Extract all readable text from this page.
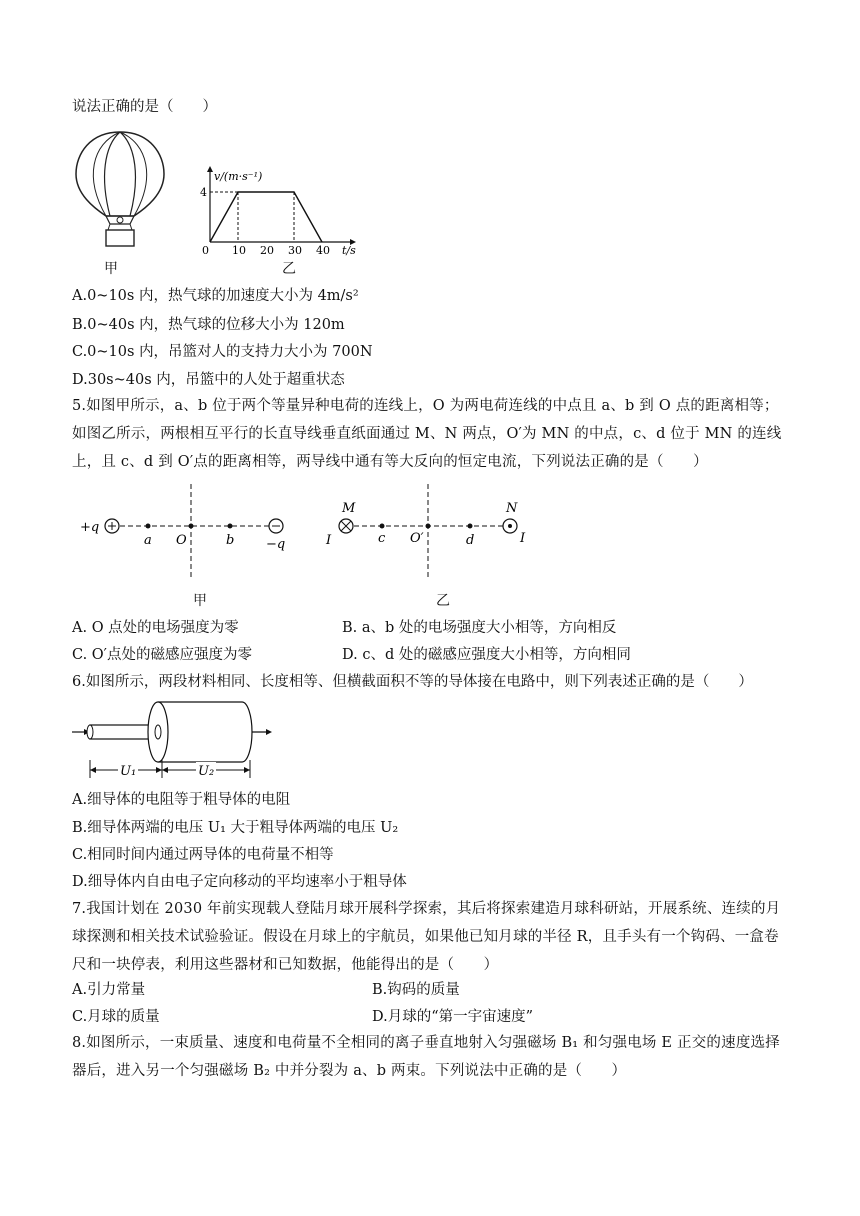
说法正确的是（　　）
甲
v/(m·s⁻¹)
4
0 10 20 30 40 t/s
乙
A.0~10s 内，热气球的加速度大小为 4m/s²
B.0~40s 内，热气球的位移大小为 120m
C.0~10s 内，吊篮对人的支持力大小为 700N
D.30s~40s 内，吊篮中的人处于超重状态
5.如图甲所示，a、b 位于两个等量异种电荷的连线上，O 为两电荷连线的中点且 a、b 到 O 点的距离相等；如图乙所示，两根相互平行的长直导线垂直纸面通过 M、N 两点，O′为 MN 的中点，c、d 位于 MN 的连线上，且 c、d 到 O′点的距离相等，两导线中通有等大反向的恒定电流，下列说法正确的是（　　）
+q
a O	b −q
甲
M	N
I	I
c O′	d
乙
A. O 点处的电场强度为零	B. a、b 处的电场强度大小相等，方向相反
C. O′点处的磁感应强度为零	D. c、d 处的磁感应强度大小相等，方向相同
6.如图所示，两段材料相同、长度相等、但横截面积不等的导体接在电路中，则下列表述正确的是（　　）
U₁	U₂
A.细导体的电阻等于粗导体的电阻
B.细导体两端的电压 U₁ 大于粗导体两端的电压 U₂
C.相同时间内通过两导体的电荷量不相等
D.细导体内自由电子定向移动的平均速率小于粗导体
7.我国计划在 2030 年前实现载人登陆月球开展科学探索，其后将探索建造月球科研站，开展系统、连续的月球探测和相关技术试验验证。假设在月球上的宇航员，如果他已知月球的半径 R，且手头有一个钩码、一盒卷尺和一块停表，利用这些器材和已知数据，他能得出的是（　　）
A.引力常量	B.钩码的质量
C.月球的质量	D.月球的“第一宇宙速度”
8.如图所示，一束质量、速度和电荷量不全相同的离子垂直地射入匀强磁场 B₁ 和匀强电场 E 正交的速度选择器后，进入另一个匀强磁场 B₂ 中并分裂为 a、b 两束。下列说法中正确的是（　　）
